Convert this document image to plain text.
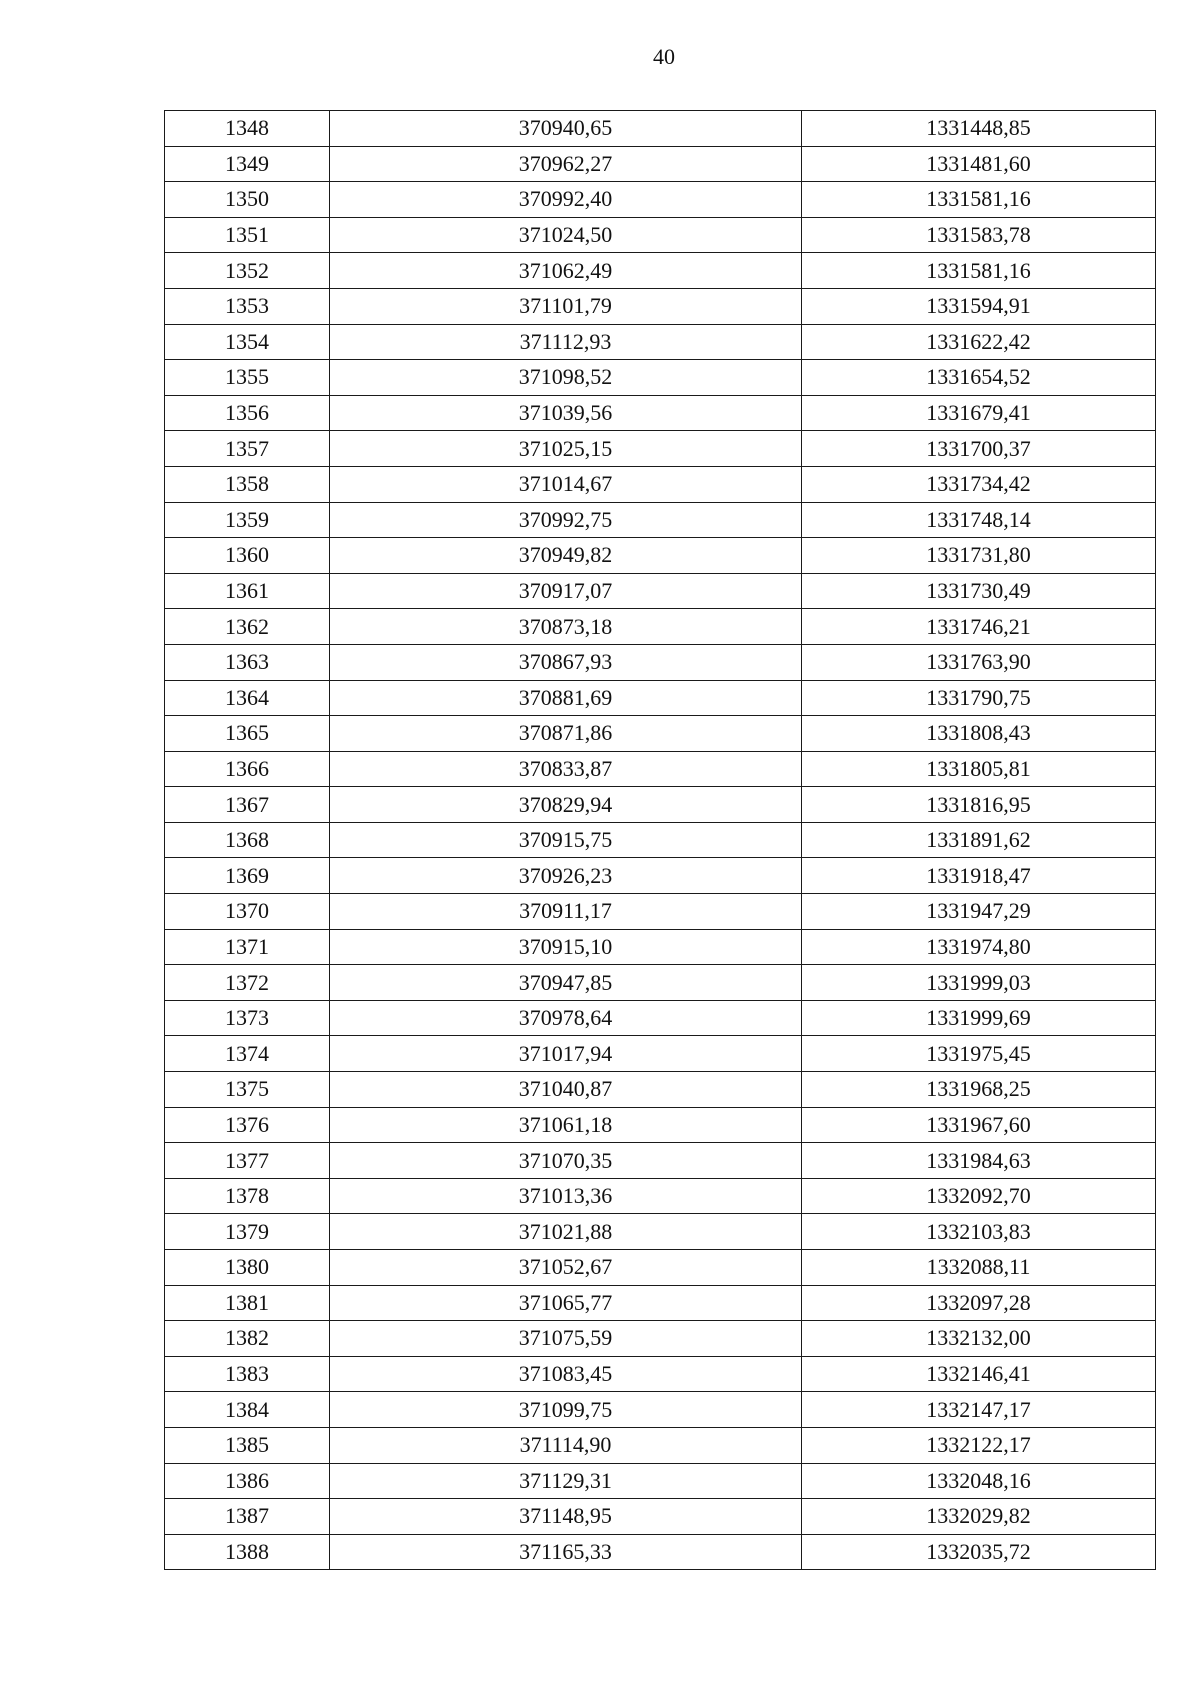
40
1348	370940,65	1331448,85
1349	370962,27	1331481,60
1350	370992,40	1331581,16
1351	371024,50	1331583,78
1352	371062,49	1331581,16
1353	371101,79	1331594,91
1354	371112,93	1331622,42
1355	371098,52	1331654,52
1356	371039,56	1331679,41
1357	371025,15	1331700,37
1358	371014,67	1331734,42
1359	370992,75	1331748,14
1360	370949,82	1331731,80
1361	370917,07	1331730,49
1362	370873,18	1331746,21
1363	370867,93	1331763,90
1364	370881,69	1331790,75
1365	370871,86	1331808,43
1366	370833,87	1331805,81
1367	370829,94	1331816,95
1368	370915,75	1331891,62
1369	370926,23	1331918,47
1370	370911,17	1331947,29
1371	370915,10	1331974,80
1372	370947,85	1331999,03
1373	370978,64	1331999,69
1374	371017,94	1331975,45
1375	371040,87	1331968,25
1376	371061,18	1331967,60
1377	371070,35	1331984,63
1378	371013,36	1332092,70
1379	371021,88	1332103,83
1380	371052,67	1332088,11
1381	371065,77	1332097,28
1382	371075,59	1332132,00
1383	371083,45	1332146,41
1384	371099,75	1332147,17
1385	371114,90	1332122,17
1386	371129,31	1332048,16
1387	371148,95	1332029,82
1388	371165,33	1332035,72
